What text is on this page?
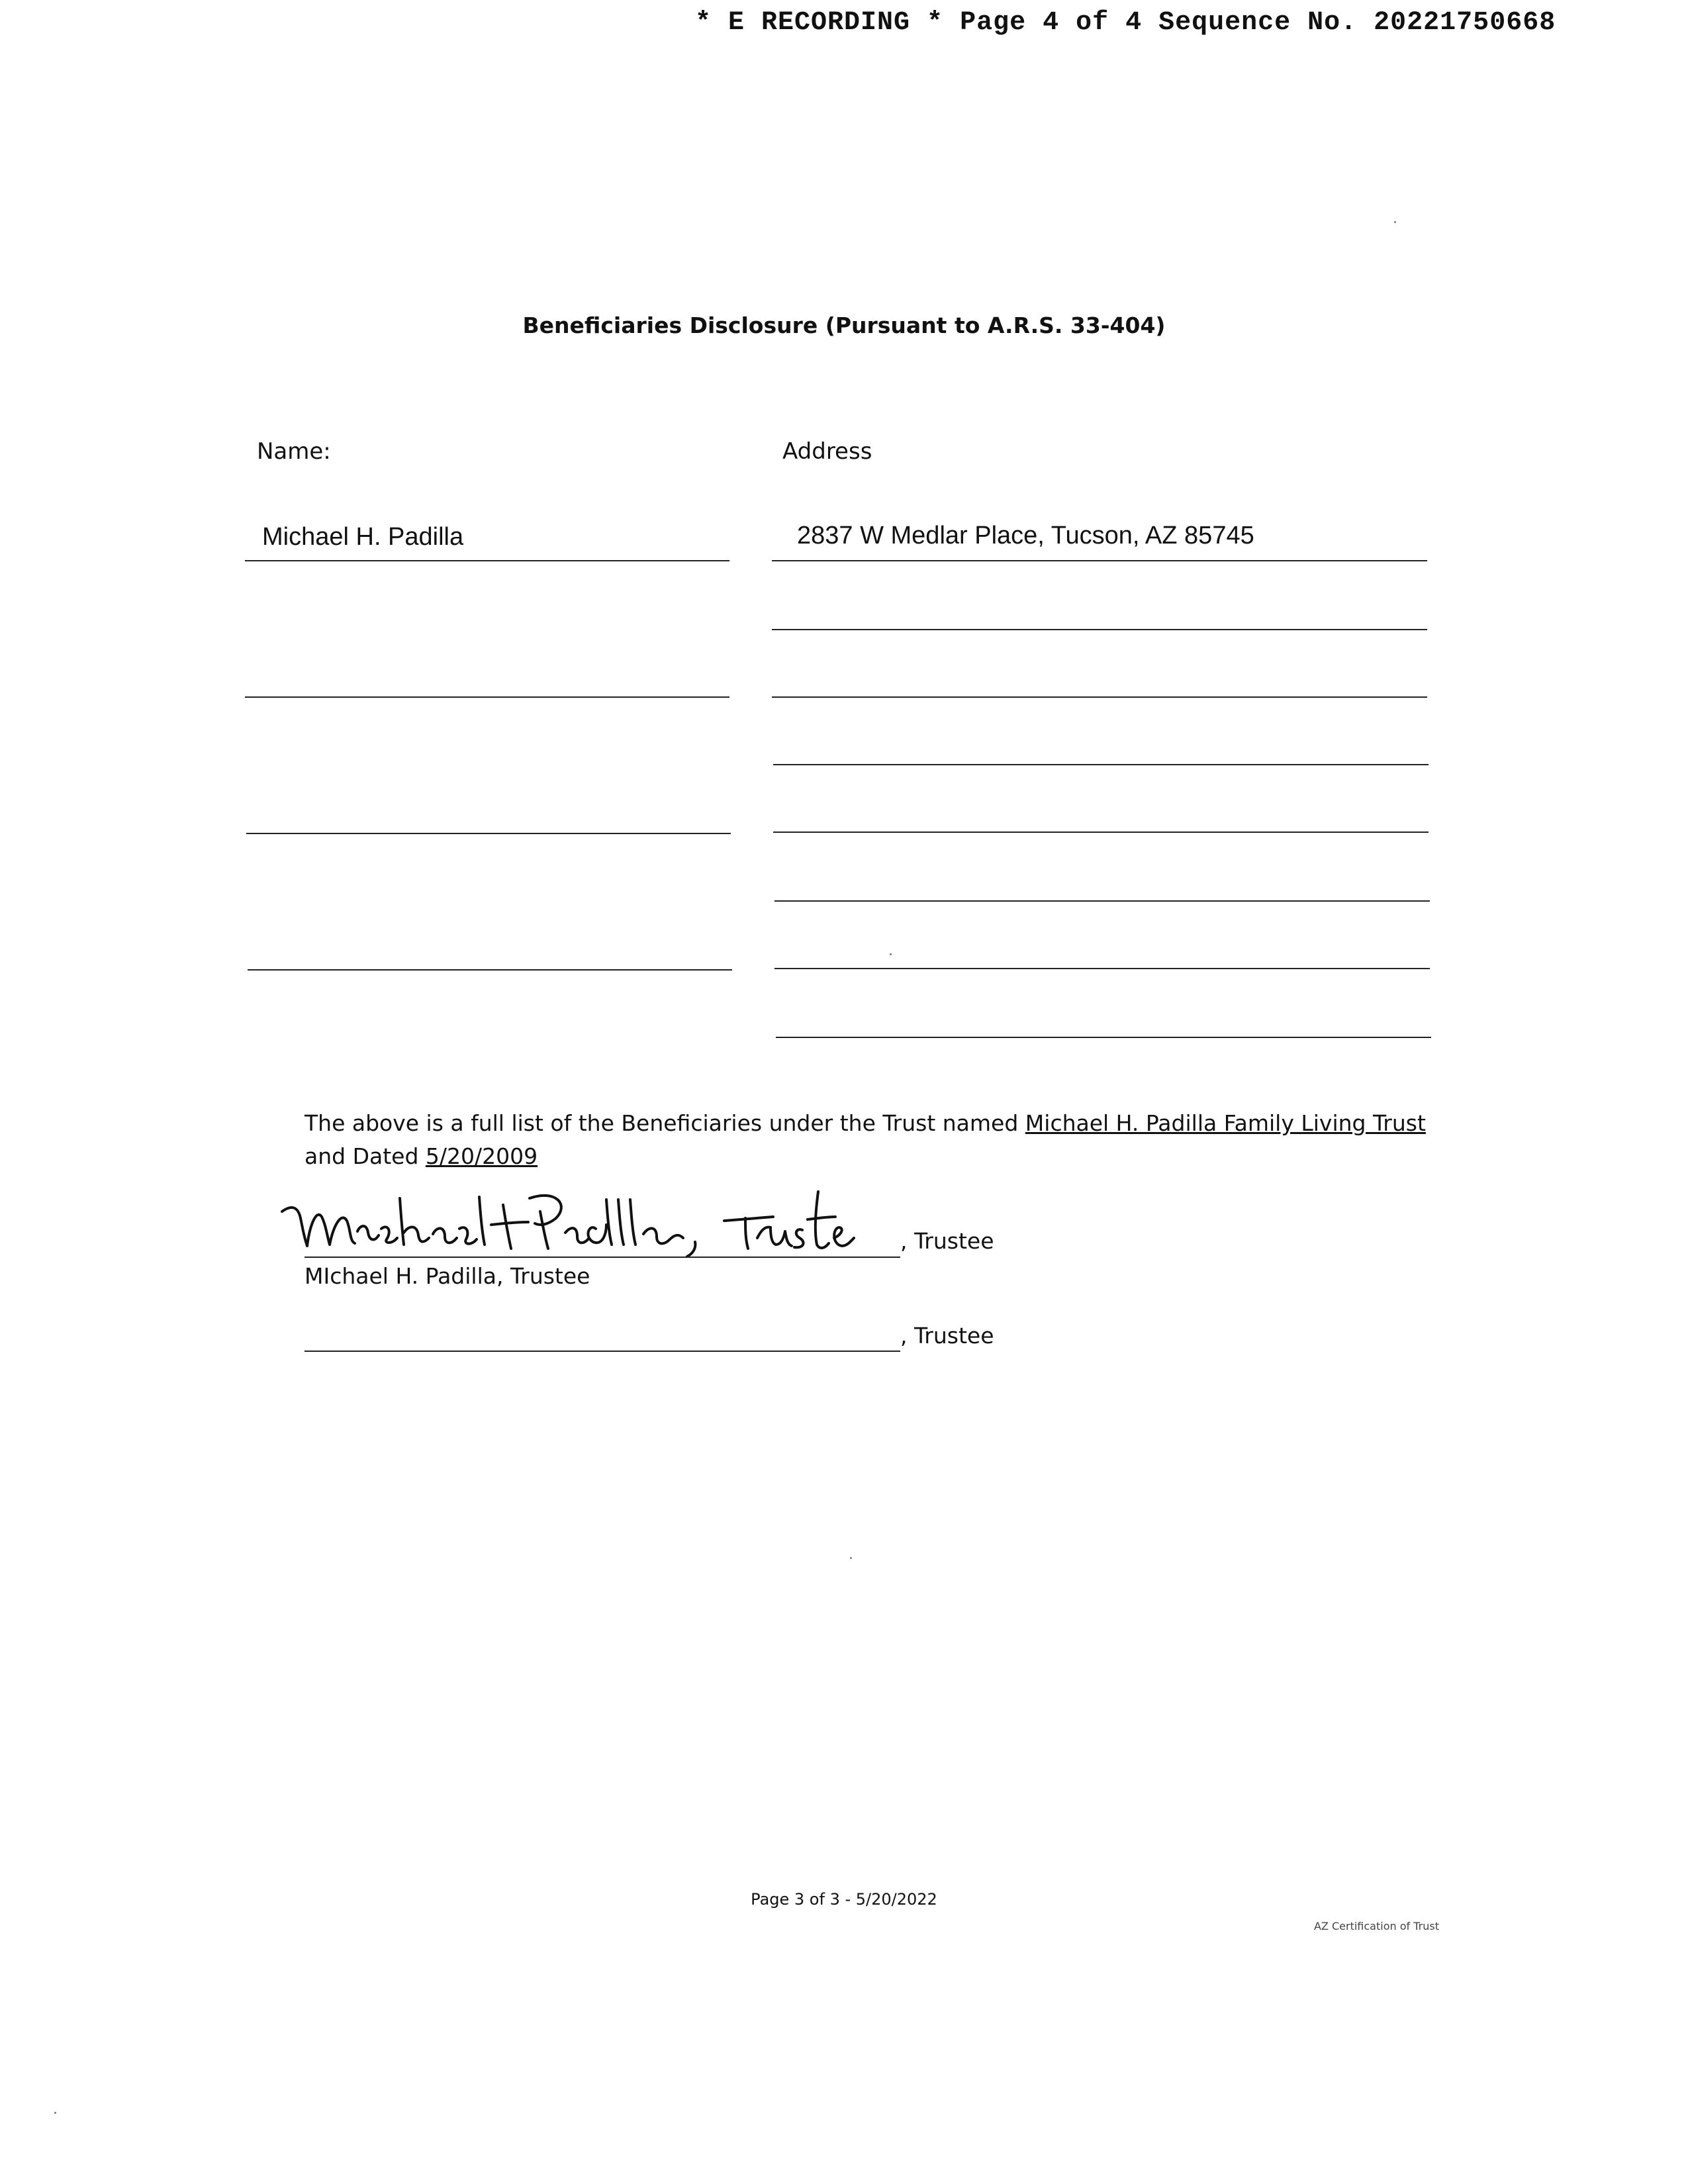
* E RECORDING * Page 4 of 4 Sequence No. 20221750668
Beneficiaries Disclosure (Pursuant to A.R.S. 33-404)
Name:	Address
Michael H. Padilla	2837 W Medlar Place, Tucson, AZ 85745
The above is a full list of the Beneficiaries under the Trust named Michael H. Padilla Family Living Trust
and Dated 5/20/2009
, Trustee
MIchael H. Padilla, Trustee
, Trustee
Page 3 of 3 - 5/20/2022
AZ Certification of Trust
